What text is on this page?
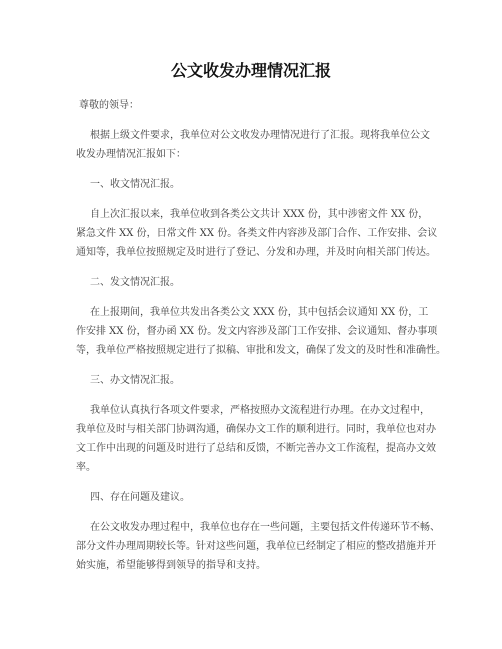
公文收发办理情况汇报
尊敬的领导：
根据上级文件要求，我单位对公文收发办理情况进行了汇报。现将我单位公文
收发办理情况汇报如下：
一、收文情况汇报。
自上次汇报以来，我单位收到各类公文共计 XXX 份，其中涉密文件 XX 份，
紧急文件 XX 份，日常文件 XX 份。各类文件内容涉及部门合作、工作安排、会议
通知等，我单位按照规定及时进行了登记、分发和办理，并及时向相关部门传达。
二、发文情况汇报。
在上报期间，我单位共发出各类公文 XXX 份，其中包括会议通知 XX 份，工
作安排 XX 份，督办函 XX 份。发文内容涉及部门工作安排、会议通知、督办事项
等，我单位严格按照规定进行了拟稿、审批和发文，确保了发文的及时性和准确性。
三、办文情况汇报。
我单位认真执行各项文件要求，严格按照办文流程进行办理。在办文过程中，
我单位及时与相关部门协调沟通，确保办文工作的顺利进行。同时，我单位也对办
文工作中出现的问题及时进行了总结和反馈，不断完善办文工作流程，提高办文效
率。
四、存在问题及建议。
在公文收发办理过程中，我单位也存在一些问题，主要包括文件传递环节不畅、
部分文件办理周期较长等。针对这些问题，我单位已经制定了相应的整改措施并开
始实施，希望能够得到领导的指导和支持。
